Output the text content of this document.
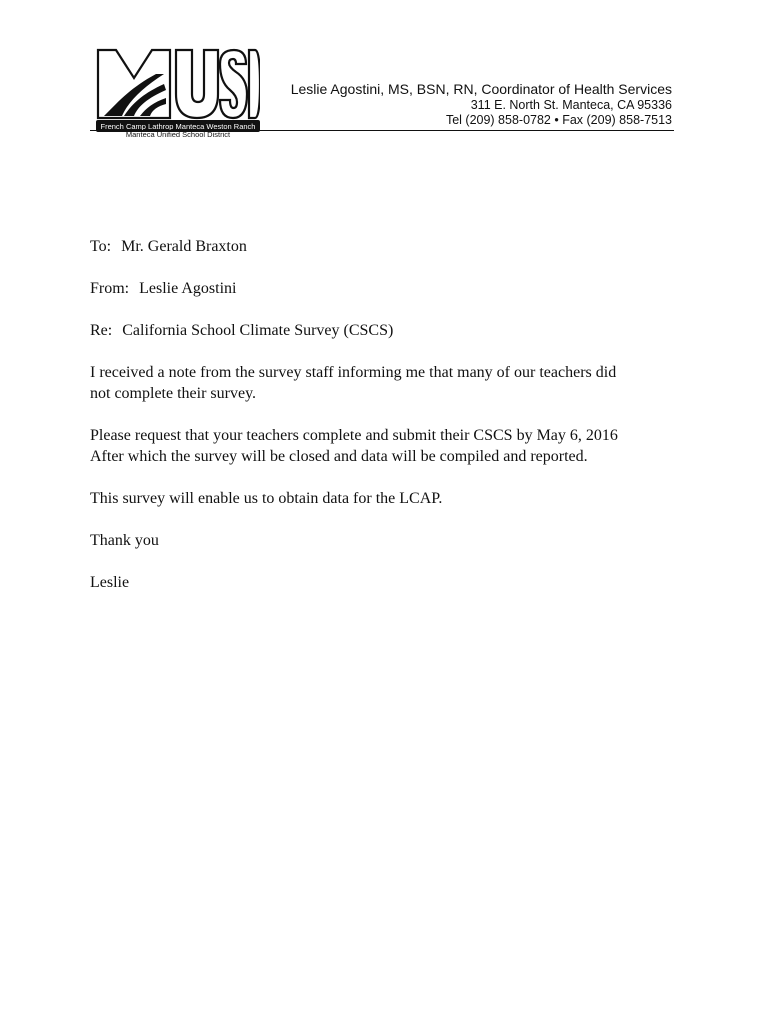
French Camp Lathrop Manteca Weston Ranch
Leslie Agostini, MS, BSN, RN, Coordinator of Health Services
311 E. North St. Manteca, CA 95336
Tel (209) 858-0782 • Fax (209) 858-7513
Manteca Unified School District

To: Mr. Gerald Braxton

From: Leslie Agostini

Re: California School Climate Survey (CSCS)

I received a note from the survey staff informing me that many of our teachers did
not complete their survey.

Please request that your teachers complete and submit their CSCS by May 6, 2016
After which the survey will be closed and data will be compiled and reported.

This survey will enable us to obtain data for the LCAP.

Thank you

Leslie
